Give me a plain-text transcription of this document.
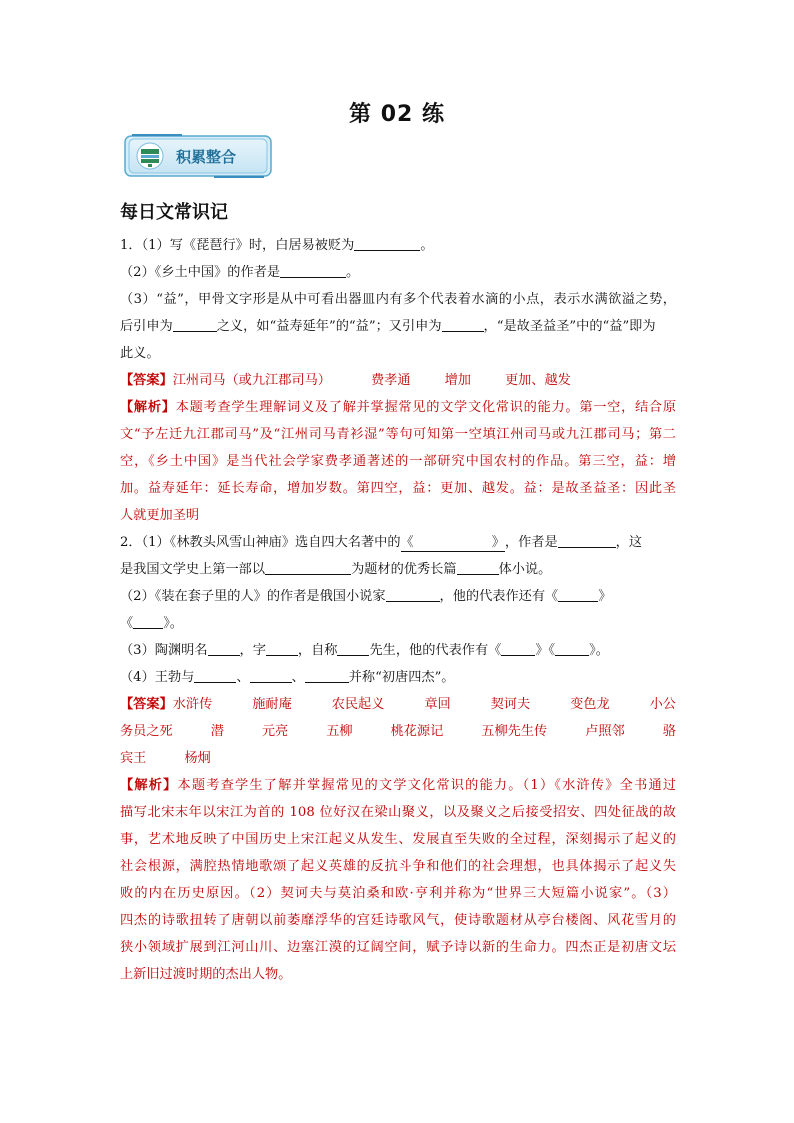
第 02 练
积累整合
每日文常识记
1．（1）写《琵琶行》时，白居易被贬为	。
（2）《乡土中国》的作者是	。
（3）“益”，甲骨文字形是从中可看出器皿内有多个代表着水滴的小点，表示水满欲溢之势，
后引申为	之义，如“益寿延年”的“益”；又引申为	，“是故圣益圣”中的“益”即为
此义。
【答案】江州司马（或九江郡司马）	费孝通	增加	更加、越发
【解析】本题考查学生理解词义及了解并掌握常见的文学文化常识的能力。第一空，结合原
文“予左迁九江郡司马”及“江州司马青衫湿”等句可知第一空填江州司马或九江郡司马；第二
空，《乡土中国》是当代社会学家费孝通著述的一部研究中国农村的作品。第三空，益：增
加。益寿延年：延长寿命，增加岁数。第四空，益：更加、越发。益：是故圣益圣：因此圣
人就更加圣明
2．（1）《林教头风雪山神庙》选自四大名著中的《	》，作者是	，这
是我国文学史上第一部以	为题材的优秀长篇	体小说。
（2）《装在套子里的人》的作者是俄国小说家	，他的代表作还有《	》
《 》。
（3）陶渊明名 ，字 ，自称 先生，他的代表作有《	》《	》。
（4）王勃与	、	、	并称“初唐四杰”。
【答案】水浒传	施耐庵	农民起义	章回	契诃夫	变色龙	小公
务员之死	潜	元亮	五柳	桃花源记	五柳先生传	卢照邻	骆
宾王	杨炯
【解析】本题考查学生了解并掌握常见的文学文化常识的能力。（1）《水浒传》全书通过
描写北宋末年以宋江为首的 108 位好汉在梁山聚义，以及聚义之后接受招安、四处征战的故
事，艺术地反映了中国历史上宋江起义从发生、发展直至失败的全过程，深刻揭示了起义的
社会根源，满腔热情地歌颂了起义英雄的反抗斗争和他们的社会理想，也具体揭示了起义失
败的内在历史原因。（2）契诃夫与莫泊桑和欧·亨利并称为“世界三大短篇小说家”。（3）
四杰的诗歌扭转了唐朝以前萎靡浮华的宫廷诗歌风气，使诗歌题材从亭台楼阁、风花雪月的
狭小领域扩展到江河山川、边塞江漠的辽阔空间，赋予诗以新的生命力。四杰正是初唐文坛
上新旧过渡时期的杰出人物。
